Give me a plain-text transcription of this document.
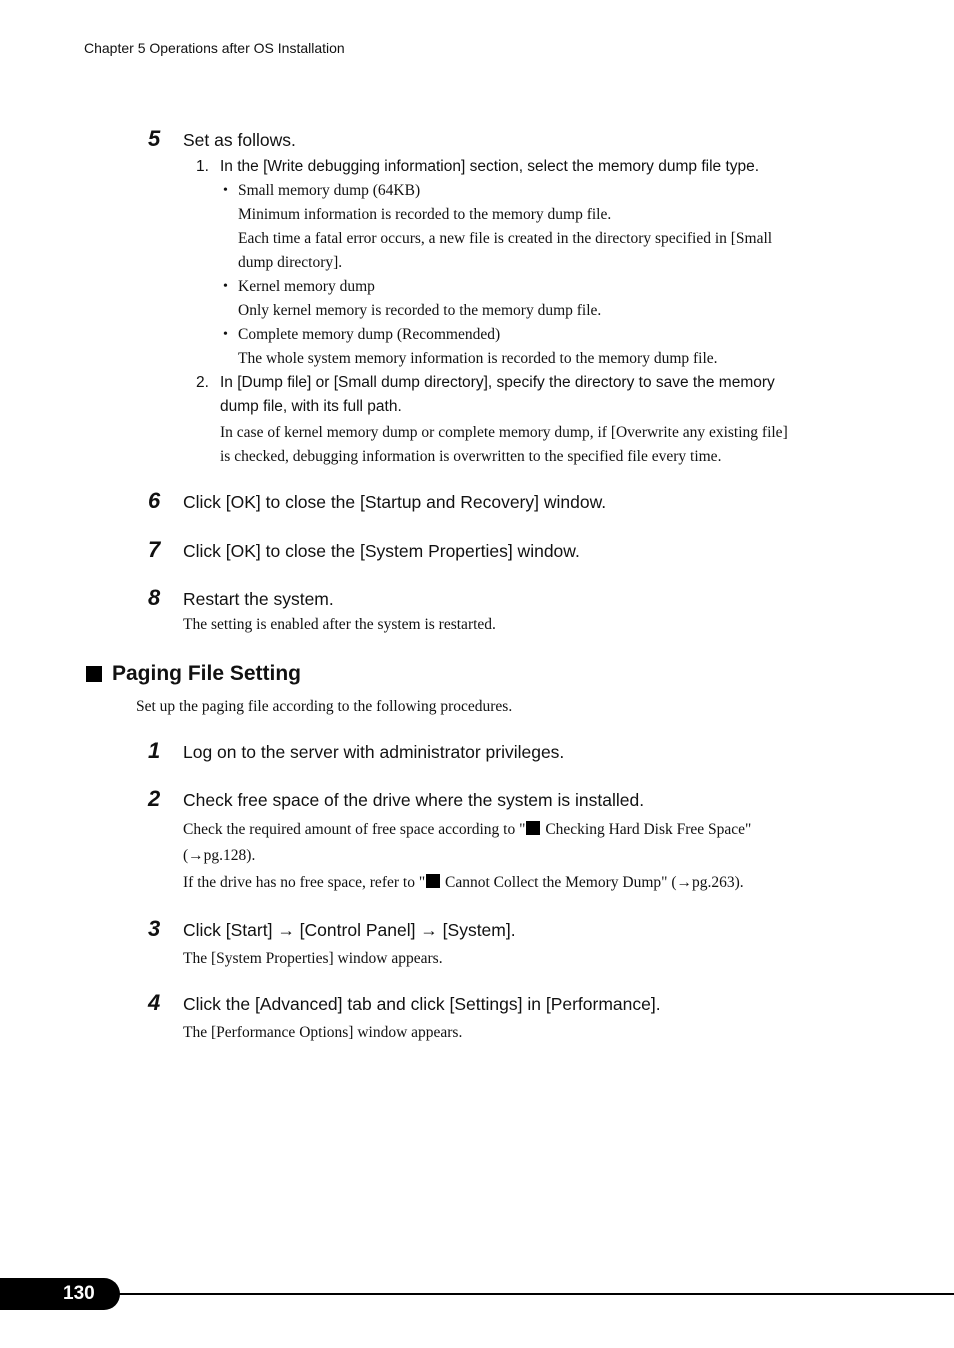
Chapter 5 Operations after OS Installation
5 Set as follows.
1. In the [Write debugging information] section, select the memory dump file type.
• Small memory dump (64KB)
Minimum information is recorded to the memory dump file.
Each time a fatal error occurs, a new file is created in the directory specified in [Small
dump directory].
• Kernel memory dump
Only kernel memory is recorded to the memory dump file.
• Complete memory dump (Recommended)
The whole system memory information is recorded to the memory dump file.
2. In [Dump file] or [Small dump directory], specify the directory to save the memory
dump file, with its full path.
In case of kernel memory dump or complete memory dump, if [Overwrite any existing file]
is checked, debugging information is overwritten to the specified file every time.
6 Click [OK] to close the [Startup and Recovery] window.
7 Click [OK] to close the [System Properties] window.
8 Restart the system.
The setting is enabled after the system is restarted.
Paging File Setting
Set up the paging file according to the following procedures.
1 Log on to the server with administrator privileges.
2 Check free space of the drive where the system is installed.
Check the required amount of free space according to " Checking Hard Disk Free Space"
(→pg.128).
If the drive has no free space, refer to " Cannot Collect the Memory Dump" (→pg.263).
3 Click [Start] → [Control Panel] → [System].
The [System Properties] window appears.
4 Click the [Advanced] tab and click [Settings] in [Performance].
The [Performance Options] window appears.
130
